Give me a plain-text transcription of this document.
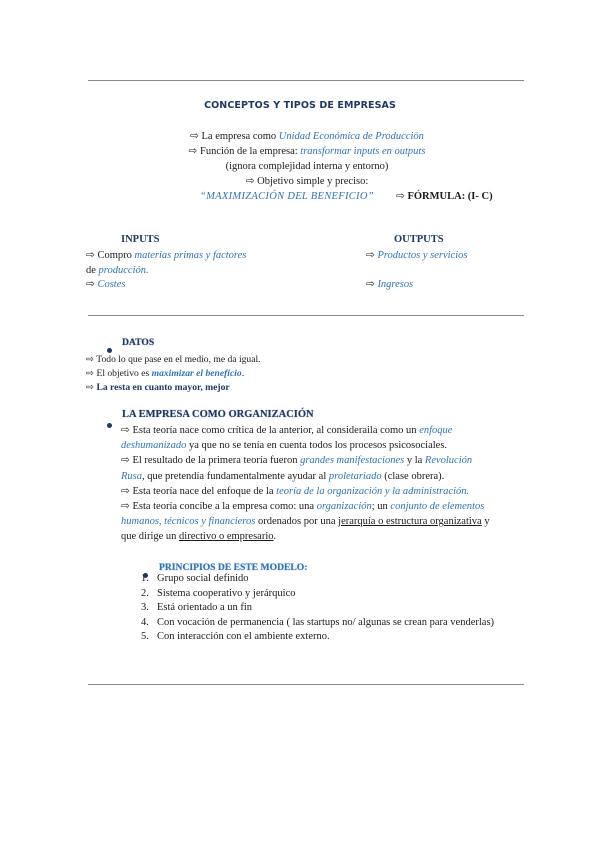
CONCEPTOS Y TIPOS DE EMPRESAS
⇨ La empresa como Unidad Económica de Producción
⇨ Función de la empresa: transformar inputs en outputs
(ignora complejidad interna y entorno)
⇨ Objetivo simple y preciso:
“MAXIMIZACIÓN DEL BENEFICIO” ⇨ FÓRMULA: (I- C)
INPUTS	OUTPUTS
⇨ Compro materias primas y factores
de producción.
⇨ Costes
⇨ Productos y servicios
⇨ Ingresos
DATOS
⇨ Todo lo que pase en el medio, me da igual.
⇨ El objetivo es maximizar el beneficio.
⇨ La resta en cuanto mayor, mejor
LA EMPRESA COMO ORGANIZACIÓN
⇨ Esta teoría nace como crítica de la anterior, al consideraila como un enfoque
deshumanizado ya que no se tenía en cuenta todos los procesos psicosociales.
⇨ El resultado de la primera teoría fueron grandes manifestaciones y la Revolución
Rusa, que pretendía fundamentalmente ayudar al proletariado (clase obrera).
⇨ Esta teoría nace del enfoque de la teoría de la organización y la administración.
⇨ Esta teoría concibe a la empresa como: una organización; un conjunto de elementos
humanos, técnicos y financieros ordenados por una jerarquía o estructura organizativa y
que dirige un directivo o empresario.
PRINCIPIOS DE ESTE MODELO:
1. Grupo social definido
2. Sistema cooperativo y jerárquico
3. Está orientado a un fin
4. Con vocación de permanencia ( las startups no/ algunas se crean para venderlas)
5. Con interacción con el ambiente externo.
